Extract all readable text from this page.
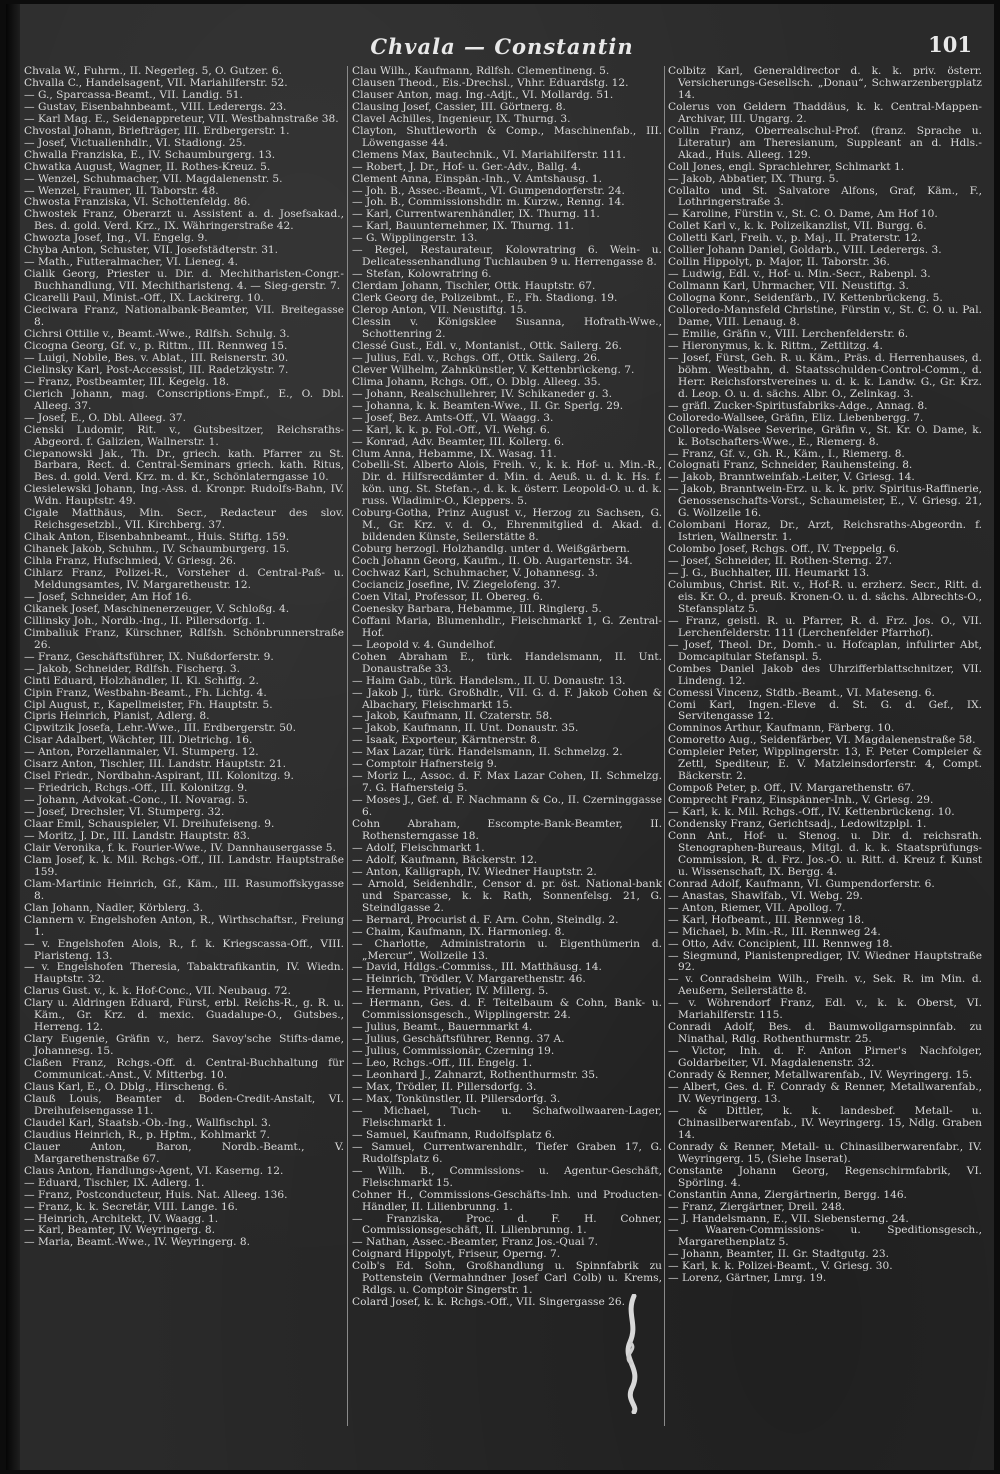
Chvala — Constantin	101
Chvala W., Fuhrm., II. Negerleg. 5, O. Gutzer. 6.
Chvalla C., Handelsagent, VII. Mariahilferstr. 52.
— G., Sparcassa-Beamt., VII. Landig. 51.
— Gustav, Eisenbahnbeamt., VIII. Lederergs. 23.
— Karl Mag. E., Seidenappreteur, VII. Westbahnstraße 38.
Chvostal Johann, Briefträger, III. Erdbergerstr. 1.
— Josef, Victualienhdlr., VI. Stadiong. 25.
Chwalla Franziska, E., IV. Schaumburgerg. 13.
Chwatka August, Wagner, II. Rothes-Kreuz. 5.
— Wenzel, Schuhmacher, VII. Magdalenenstr. 5.
— Wenzel, Fraumer, II. Taborstr. 48.
Chwosta Franziska, VI. Schottenfeldg. 86.
Chwostek Franz, Oberarzt u. Assistent a. d. Josefsakad., Bes. d. gold. Verd. Krz., IX. Währingerstraße 42.
Chwozta Josef, Ing., VI. Engelg. 9.
Chyba Anton, Schuster, VII. Josefstädterstr. 31.
— Math., Futteralmacher, VI. Lieneg. 4.
Cialik Georg, Priester u. Dir. d. Mechitharisten-Congr.-Buchhandlung, VII. Mechitharisteng. 4. — Sieg-gerstr. 7.
Cicarelli Paul, Minist.-Off., IX. Lackirerg. 10.
Cieciwara Franz, Nationalbank-Beamter, VII. Breitegasse 8.
Cichrsi Ottilie v., Beamt.-Wwe., Rdlfsh. Schulg. 3.
Cicogna Georg, Gf. v., p. Rittm., III. Rennweg 15.
— Luigi, Nobile, Bes. v. Ablat., III. Reisnerstr. 30.
Cielinsky Karl, Post-Accessist, III. Radetzkystr. 7.
— Franz, Postbeamter, III. Kegelg. 18.
Cierich Johann, mag. Conscriptions-Empf., E., O. Dbl. Alleeg. 37.
— Josef, E., O. Dbl. Alleeg. 37.
Cienski Ludomir, Rit. v., Gutsbesitzer, Reichsraths-Abgeord. f. Galizien, Wallnerstr. 1.
Ciepanowski Jak., Th. Dr., griech. kath. Pfarrer zu St. Barbara, Rect. d. Central-Seminars griech. kath. Ritus, Bes. d. gold. Verd. Krz. m. d. Kr., Schönlaterngasse 10.
Ciesielewski Johann, Ing.-Ass. d. Kronpr. Rudolfs-Bahn, IV. Wdn. Hauptstr. 49.
Cigale Matthäus, Min. Secr., Redacteur des slov. Reichsgesetzbl., VII. Kirchberg. 37.
Cihak Anton, Eisenbahnbeamt., Huis. Stiftg. 159.
Cihanek Jakob, Schuhm., IV. Schaumburgerg. 15.
Cihla Franz, Hufschmied, V. Griesg. 26.
Cihlarz Franz, Polizei-R., Vorsteher d. Central-Paß- u. Meldungsamtes, IV. Margaretheustr. 12.
— Josef, Schneider, Am Hof 16.
Cikanek Josef, Maschinenerzeuger, V. Schloßg. 4.
Cillinsky Joh., Nordb.-Ing., II. Pillersdorfg. 1.
Cimbaliuk Franz, Kürschner, Rdlfsh. Schönbrunnerstraße 26.
— Franz, Geschäftsführer, IX. Nußdorferstr. 9.
— Jakob, Schneider, Rdlfsh. Fischerg. 3.
Cinti Eduard, Holzhändler, II. Kl. Schiffg. 2.
Cipin Franz, Westbahn-Beamt., Fh. Lichtg. 4.
Cipl August, r., Kapellmeister, Fh. Hauptstr. 5.
Cipris Heinrich, Pianist, Adlerg. 8.
Cipwitzik Josefa, Lehr.-Wwe., III. Erdbergerstr. 50.
Cisar Adalbert, Wächter, III. Dietrichg. 16.
— Anton, Porzellanmaler, VI. Stumperg. 12.
Cisarz Anton, Tischler, III. Landstr. Hauptstr. 21.
Cisel Friedr., Nordbahn-Aspirant, III. Kolonitzg. 9.
— Friedrich, Rchgs.-Off., III. Kolonitzg. 9.
— Johann, Advokat.-Conc., II. Novarag. 5.
— Josef, Drechsler, VI. Stumperg. 32.
Claar Emil, Schauspieler, VI. Dreihufeiseng. 9.
— Moritz, J. Dr., III. Landstr. Hauptstr. 83.
Clair Veronika, f. k. Fourier-Wwe., IV. Dannhausergasse 5.
Clam Josef, k. k. Mil. Rchgs.-Off., III. Landstr. Hauptstraße 159.
Clam-Martinic Heinrich, Gf., Käm., III. Rasumoffskygasse 8.
Clan Johann, Nadler, Körblerg. 3.
Clannern v. Engelshofen Anton, R., Wirthschaftsr., Freiung 1.
— v. Engelshofen Alois, R., f. k. Kriegscassa-Off., VIII. Piaristeng. 13.
— v. Engelshofen Theresia, Tabaktrafikantin, IV. Wiedn. Hauptstr. 32.
Clarus Gust. v., k. k. Hof-Conc., VII. Neubaug. 72.
Clary u. Aldringen Eduard, Fürst, erbl. Reichs-R., g. R. u. Käm., Gr. Krz. d. mexic. Guadalupe-O., Gutsbes., Herreng. 12.
Clary Eugenie, Gräfin v., herz. Savoy'sche Stifts-dame, Johannesg. 15.
Claßen Franz, Rchgs.-Off. d. Central-Buchhaltung für Communicat.-Anst., V. Mitterbg. 10.
Claus Karl, E., O. Dblg., Hirscheng. 6.
Clauß Louis, Beamter d. Boden-Credit-Anstalt, VI. Dreihufeisengasse 11.
Claudel Karl, Staatsb.-Ob.-Ing., Wallfischpl. 3.
Claudius Heinrich, R., p. Hptm., Kohlmarkt 7.
Clauer Anton, Baron, Nordb.-Beamt., V. Margarethenstraße 67.
Claus Anton, Handlungs-Agent, VI. Kaserng. 12.
— Eduard, Tischler, IX. Adlerg. 1.
— Franz, Postconducteur, Huis. Nat. Alleeg. 136.
— Franz, k. k. Secretär, VIII. Lange. 16.
— Heinrich, Architekt, IV. Waagg. 1.
— Karl, Beamter, IV. Weyringerg. 8.
— Maria, Beamt.-Wwe., IV. Weyringerg. 8.
Clau Wilh., Kaufmann, Rdlfsh. Clementineng. 5.
Clausen Theod., Eis.-Drechsl., Vhhr. Eduardstg. 12.
Clauser Anton, mag. Ing.-Adjt., VI. Mollardg. 51.
Clausing Josef, Cassier, III. Görtnerg. 8.
Clavel Achilles, Ingenieur, IX. Thurng. 3.
Clayton, Shuttleworth & Comp., Maschinenfab., III. Löwengasse 44.
Clemens Max, Bautechnik., VI. Mariahilferstr. 111.
— Robert, J. Dr., Hof- u. Ger.-Adv., Ballg. 4.
Clement Anna, Einspän.-Inh., V. Amtshausg. 1.
— Joh. B., Assec.-Beamt., VI. Gumpendorferstr. 24.
— Joh. B., Commissionshdlr. m. Kurzw., Renng. 14.
— Karl, Currentwarenhändler, IX. Thurng. 11.
— Karl, Bauunternehmer, IX. Thurng. 11.
— G. Wipplingerstr. 13.
— Regel, Restaurateur, Kolowratring 6. Wein- u. Delicatessenhandlung Tuchlauben 9 u. Herrengasse 8.
— Stefan, Kolowratring 6.
Clerdam Johann, Tischler, Ottk. Hauptstr. 67.
Clerk Georg de, Polizeibmt., E., Fh. Stadiong. 19.
Clerop Anton, VII. Neustiftg. 15.
Clessin v. Königsklee Susanna, Hofrath-Wwe., Schottenring 2.
Clessé Gust., Edl. v., Montanist., Ottk. Sailerg. 26.
— Julius, Edl. v., Rchgs. Off., Ottk. Sailerg. 26.
Clever Wilhelm, Zahnkünstler, V. Kettenbrückeng. 7.
Clima Johann, Rchgs. Off., O. Dblg. Alleeg. 35.
— Johann, Realschullehrer, IV. Schikaneder g. 3.
— Johanna, k. k. Beamten-Wwe., II. Gr. Sperlg. 29.
— Josef, Bez. Amts-Off., VI. Waagg. 3.
— Karl, k. k. p. Fol.-Off., VI. Wehg. 6.
— Konrad, Adv. Beamter, III. Kollerg. 6.
Clum Anna, Hebamme, IX. Wasag. 11.
Cobelli-St. Alberto Alois, Freih. v., k. k. Hof- u. Min.-R., Dir. d. Hilfsrecdämter d. Min. d. Aeuß. u. d. k. Hs. f. kön. ung. St. Stefan.-, d. k. k. österr. Leopold-O. u. d. k. russ. Wladimir-O., Kleppers. 5.
Coburg-Gotha, Prinz August v., Herzog zu Sachsen, G. M., Gr. Krz. v. d. O., Ehrenmitglied d. Akad. d. bildenden Künste, Seilerstätte 8.
Coburg herzogl. Holzhandlg. unter d. Weißgärbern.
Coch Johann Georg, Kaufm., II. Ob. Augartenstr. 34.
Cochwaz Karl, Schuhmacher, V. Johannesg. 3.
Cocianciz Josefine, IV. Ziegelofeng. 37.
Coen Vital, Professor, II. Obereg. 6.
Coenesky Barbara, Hebamme, III. Ringlerg. 5.
Coffani Maria, Blumenhdlr., Fleischmarkt 1, G. Zentral-Hof.
— Leopold v. 4. Gundelhof.
Cohen Abraham E., türk. Handelsmann, II. Unt. Donaustraße 33.
— Haim Gab., türk. Handelsm., II. U. Donaustr. 13.
— Jakob J., türk. Großhdlr., VII. G. d. F. Jakob Cohen & Albachary, Fleischmarkt 15.
— Jakob, Kaufmann, II. Czaterstr. 58.
— Jakob, Kaufmann, II. Unt. Donaustr. 35.
— Isaak, Exporteur, Kärntnerstr. 8.
— Max Lazar, türk. Handelsmann, II. Schmelzg. 2.
— Comptoir Hafnersteig 9.
— Moriz L., Assoc. d. F. Max Lazar Cohen, II. Schmelzg. 7. G. Hafnersteig 5.
— Moses J., Gef. d. F. Nachmann & Co., II. Czerninggasse 6.
Cohn Abraham, Escompte-Bank-Beamter, II. Rothensterngasse 18.
— Adolf, Fleischmarkt 1.
— Adolf, Kaufmann, Bäckerstr. 12.
— Anton, Kalligraph, IV. Wiedner Hauptstr. 2.
— Arnold, Seidenhdlr., Censor d. pr. öst. National-bank und Sparcasse, k. k. Rath, Sonnenfelsg. 21, G. Steindlgasse 2.
— Bernard, Procurist d. F. Arn. Cohn, Steindlg. 2.
— Chaim, Kaufmann, IX. Harmonieg. 8.
— Charlotte, Administratorin u. Eigenthümerin d. „Mercur“, Wollzeile 13.
— David, Hdlgs.-Commiss., III. Matthäusg. 14.
— Heinrich, Trödler, V. Margarethenstr. 46.
— Hermann, Privatier, IV. Millerg. 5.
— Hermann, Ges. d. F. Teitelbaum & Cohn, Bank- u. Commissionsgesch., Wipplingerstr. 24.
— Julius, Beamt., Bauernmarkt 4.
— Julius, Geschäftsführer, Renng. 37 A.
— Julius, Commissionär, Czerning 19.
— Leo, Rchgs.-Off., III. Engelg. 1.
— Leonhard J., Zahnarzt, Rothenthurmstr. 35.
— Max, Trödler, II. Pillersdorfg. 3.
— Max, Tonkünstler, II. Pillersdorfg. 3.
— Michael, Tuch- u. Schafwollwaaren-Lager, Fleischmarkt 1.
— Samuel, Kaufmann, Rudolfsplatz 6.
— Samuel, Currentwarenhdlr., Tiefer Graben 17, G. Rudolfsplatz 6.
— Wilh. B., Commissions- u. Agentur-Geschäft, Fleischmarkt 15.
Cohner H., Commissions-Geschäfts-Inh. und Producten-Händler, II. Lilienbrunng. 1.
— Franziska, Proc. d. F. H. Cohner, Commissionsgeschäft, II. Lilienbrunng. 1.
— Nathan, Assec.-Beamter, Franz Jos.-Quai 7.
Coignard Hippolyt, Friseur, Operng. 7.
Colb's Ed. Sohn, Großhandlung u. Spinnfabrik zu Pottenstein (Vermahndner Josef Carl Colb) u. Krems, Rdlgs. u. Comptoir Singerstr. 1.
Colard Josef, k. k. Rchgs.-Off., VII. Singergasse 26.
Colbitz Karl, Generaldirector d. k. k. priv. österr. Versicherungs-Gesellsch. „Donau“, Schwarzenbergplatz 14.
Colerus von Geldern Thaddäus, k. k. Central-Mappen-Archivar, III. Ungarg. 2.
Collin Franz, Oberrealschul-Prof. (franz. Sprache u. Literatur) am Theresianum, Suppleant an d. Hdls.-Akad., Huis. Alleeg. 129.
Coll Jones, engl. Sprachlehrer, Schlmarkt 1.
— Jakob, Abbatier, IX. Thurg. 5.
Collalto und St. Salvatore Alfons, Graf, Käm., F., Lothringerstraße 3.
— Karoline, Fürstin v., St. C. O. Dame, Am Hof 10.
Collet Karl v., k. k. Polizeikanzlist, VII. Burgg. 6.
Colletti Karl, Freih. v., p. Maj., II. Praterstr. 12.
Collier Johann Daniel, Goldarb., VIII. Lederergs. 3.
Collin Hippolyt, p. Major, II. Taborstr. 36.
— Ludwig, Edl. v., Hof- u. Min.-Secr., Rabenpl. 3.
Collmann Karl, Uhrmacher, VII. Neustiftg. 3.
Collogna Konr., Seidenfärb., IV. Kettenbrückeng. 5.
Colloredo-Mannsfeld Christine, Fürstin v., St. C. O. u. Pal. Dame, VIII. Lenaug. 8.
— Emilie, Gräfin v., VIII. Lerchenfelderstr. 6.
— Hieronymus, k. k. Rittm., Zettlitzg. 4.
— Josef, Fürst, Geh. R. u. Käm., Präs. d. Herrenhauses, d. böhm. Westbahn, d. Staatsschulden-Control-Comm., d. Herr. Reichsforstvereines u. d. k. k. Landw. G., Gr. Krz. d. Leop. O. u. d. sächs. Albr. O., Zelinkag. 3.
— gräfl. Zucker-Spiritusfabriks-Adge., Annag. 8.
Colloredo-Wallsee, Gräfin, Eliz. Liebenbergg. 7.
Colloredo-Walsee Severine, Gräfin v., St. Kr. O. Dame, k. k. Botschafters-Wwe., E., Riemerg. 8.
— Franz, Gf. v., Gh. R., Käm., I., Riemerg. 8.
Colognati Franz, Schneider, Rauhensteing. 8.
— Jakob, Branntweinfab.-Leiter, V. Griesg. 14.
— Jakob, Branntwein-Erz. u. k. k. priv. Spiritus-Raffinerie, Genossenschafts-Vorst., Schaumeister, E., V. Griesg. 21, G. Wollzeile 16.
Colombani Horaz, Dr., Arzt, Reichsraths-Abgeordn. f. Istrien, Wallnerstr. 1.
Colombo Josef, Rchgs. Off., IV. Treppelg. 6.
— Josef, Schneider, II. Rothen-Sterng. 27.
— J. G., Buchhalter, III. Heumarkt 13.
Columbus, Christ. Rit. v., Hof-R. u. erzherz. Secr., Ritt. d. eis. Kr. O., d. preuß. Kronen-O. u. d. sächs. Albrechts-O., Stefansplatz 5.
— Franz, geistl. R. u. Pfarrer, R. d. Frz. Jos. O., VII. Lerchenfelderstr. 111 (Lerchenfelder Pfarrhof).
— Josef, Theol. Dr., Domh.- u. Hofcaplan, infulirter Abt, Domcapitular Stefanspl. 5.
Combes Daniel Jakob des Uhrzifferblattschnitzer, VII. Lindeng. 12.
Comessi Vincenz, Stdtb.-Beamt., VI. Mateseng. 6.
Comi Karl, Ingen.-Eleve d. St. G. d. Gef., IX. Servitengasse 12.
Comninos Arthur, Kaufmann, Färberg. 10.
Comoretto Aug., Seidenfärber, VI. Magdalenenstraße 58.
Compleier Peter, Wipplingerstr. 13, F. Peter Compleier & Zettl, Spediteur, E. V. Matzleinsdorferstr. 4, Compt. Bäckerstr. 2.
Compoß Peter, p. Off., IV. Margarethenstr. 67.
Comprecht Franz, Einspänner-Inh., V. Griesg. 29.
— Karl, k. k. Mil. Rchgs.-Off., IV. Kettenbrückeng. 10.
Condensky Franz, Gerichtsadj., Ledowitzplpl. 1.
Conn Ant., Hof- u. Stenog. u. Dir. d. reichsrath. Stenographen-Bureaus, Mitgl. d. k. k. Staatsprüfungs-Commission, R. d. Frz. Jos.-O. u. Ritt. d. Kreuz f. Kunst u. Wissenschaft, IX. Bergg. 4.
Conrad Adolf, Kaufmann, VI. Gumpendorferstr. 6.
— Anastas, Shawlfab., VI. Webg. 29.
— Anton, Riemer, VII. Apollog. 7.
— Karl, Hofbeamt., III. Rennweg 18.
— Michael, b. Min.-R., III. Rennweg 24.
— Otto, Adv. Concipient, III. Rennweg 18.
— Siegmund, Pianistenprediger, IV. Wiedner Hauptstraße 92.
— v. Conradsheim Wilh., Freih. v., Sek. R. im Min. d. Aeußern, Seilerstätte 8.
— v. Wöhrendorf Franz, Edl. v., k. k. Oberst, VI. Mariahilferstr. 115.
Conradi Adolf, Bes. d. Baumwollgarnspinnfab. zu Ninathal, Rdlg. Rothenthurmstr. 25.
— Victor, Inh. d. F. Anton Pirner's Nachfolger, Goldarbeiter, VI. Magdalenenstr. 32.
Conrady & Renner, Metallwarenfab., IV. Weyringerg. 15.
— Albert, Ges. d. F. Conrady & Renner, Metallwarenfab., IV. Weyringerg. 13.
— & Dittler, k. k. landesbef. Metall- u. Chinasilberwarenfab., IV. Weyringerg. 15, Ndlg. Graben 14.
Conrady & Renner, Metall- u. Chinasilberwarenfabr., IV. Weyringerg. 15, (Siehe Inserat).
Constante Johann Georg, Regenschirmfabrik, VI. Spörling. 4.
Constantin Anna, Ziergärtnerin, Bergg. 146.
— Franz, Ziergärtner, Dreil. 248.
— J. Handelsmann, E., VII. Siebensterng. 24.
— Waaren-Commissions- u. Speditionsgesch., Margarethenplatz 5.
— Johann, Beamter, II. Gr. Stadtgutg. 23.
— Karl, k. k. Polizei-Beamt., V. Griesg. 30.
— Lorenz, Gärtner, Lmrg. 19.
